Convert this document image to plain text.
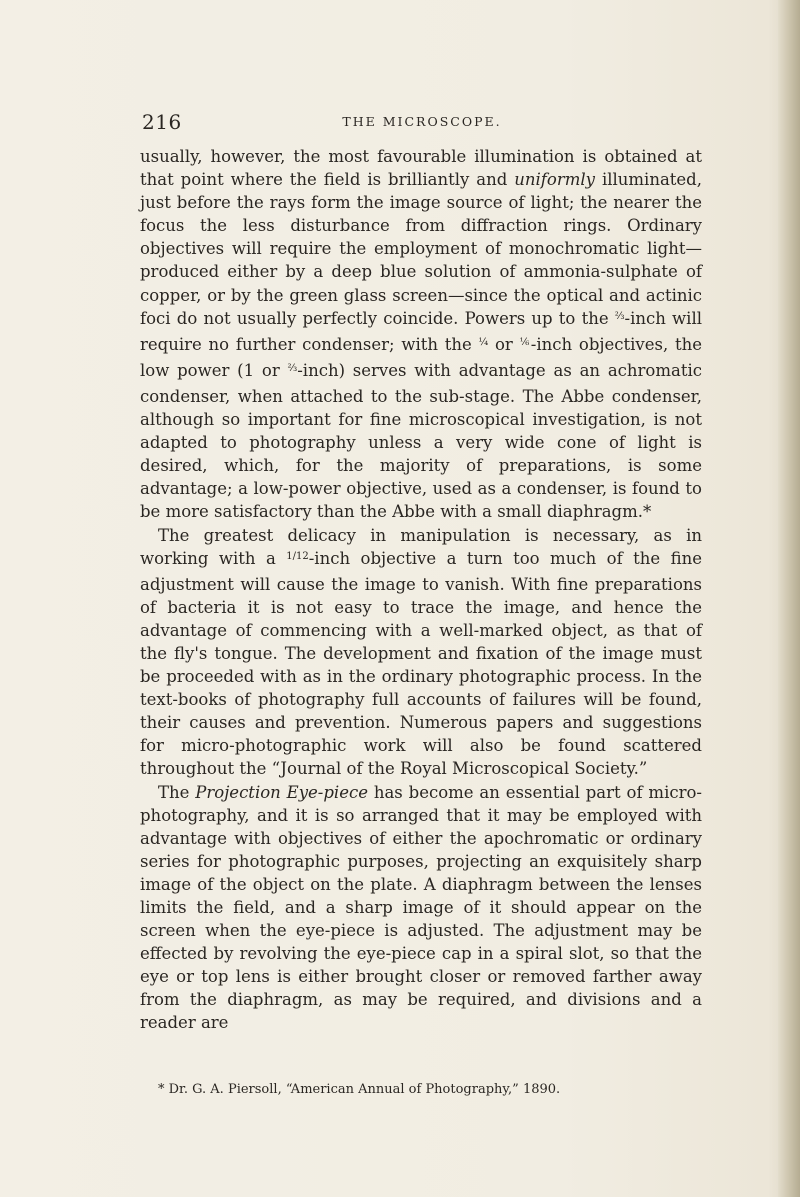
216	THE MICROSCOPE.

usually, however, the most favourable illumination is obtained at that point where the field is brilliantly and uniformly illuminated, just before the rays form the image source of light; the nearer the focus the less disturbance from diffraction rings. Ordinary objectives will require the employment of monochromatic light— produced either by a deep blue solution of ammonia-sulphate of copper, or by the green glass screen—since the optical and actinic foci do not usually perfectly coincide. Powers up to the $^{\frac{2}{3}}$-inch will require no further condenser; with the $^{\frac{1}{4}}$ or $^{\frac{1}{6}}$-inch objectives, the low power (1 or $^{\frac{2}{3}}$-inch) serves with advantage as an achromatic condenser, when attached to the sub-stage. The Abbe condenser, although so important for fine microscopical investigation, is not adapted to photography unless a very wide cone of light is desired, which, for the majority of preparations, is some advantage; a low-power objective, used as a condenser, is found to be more satisfactory than the Abbe with a small diaphragm.*

The greatest delicacy in manipulation is necessary, as in working with a $^{1/12}$-inch objective a turn too much of the fine adjustment will cause the image to vanish. With fine preparations of bacteria it is not easy to trace the image, and hence the advantage of commencing with a well-marked object, as that of the fly's tongue. The development and fixation of the image must be proceeded with as in the ordinary photographic process. In the text-books of photography full accounts of failures will be found, their causes and prevention. Numerous papers and suggestions for micro-photographic work will also be found scattered throughout the “Journal of the Royal Microscopical Society.”

The Projection Eye-piece has become an essential part of micro-photography, and it is so arranged that it may be employed with advantage with objectives of either the apochromatic or ordinary series for photographic purposes, projecting an exquisitely sharp image of the object on the plate. A diaphragm between the lenses limits the field, and a sharp image of it should appear on the screen when the eye-piece is adjusted. The adjustment may be effected by revolving the eye-piece cap in a spiral slot, so that the eye or top lens is either brought closer or removed farther away from the diaphragm, as may be required, and divisions and a reader are

* Dr. G. A. Piersoll, “American Annual of Photography,” 1890.
